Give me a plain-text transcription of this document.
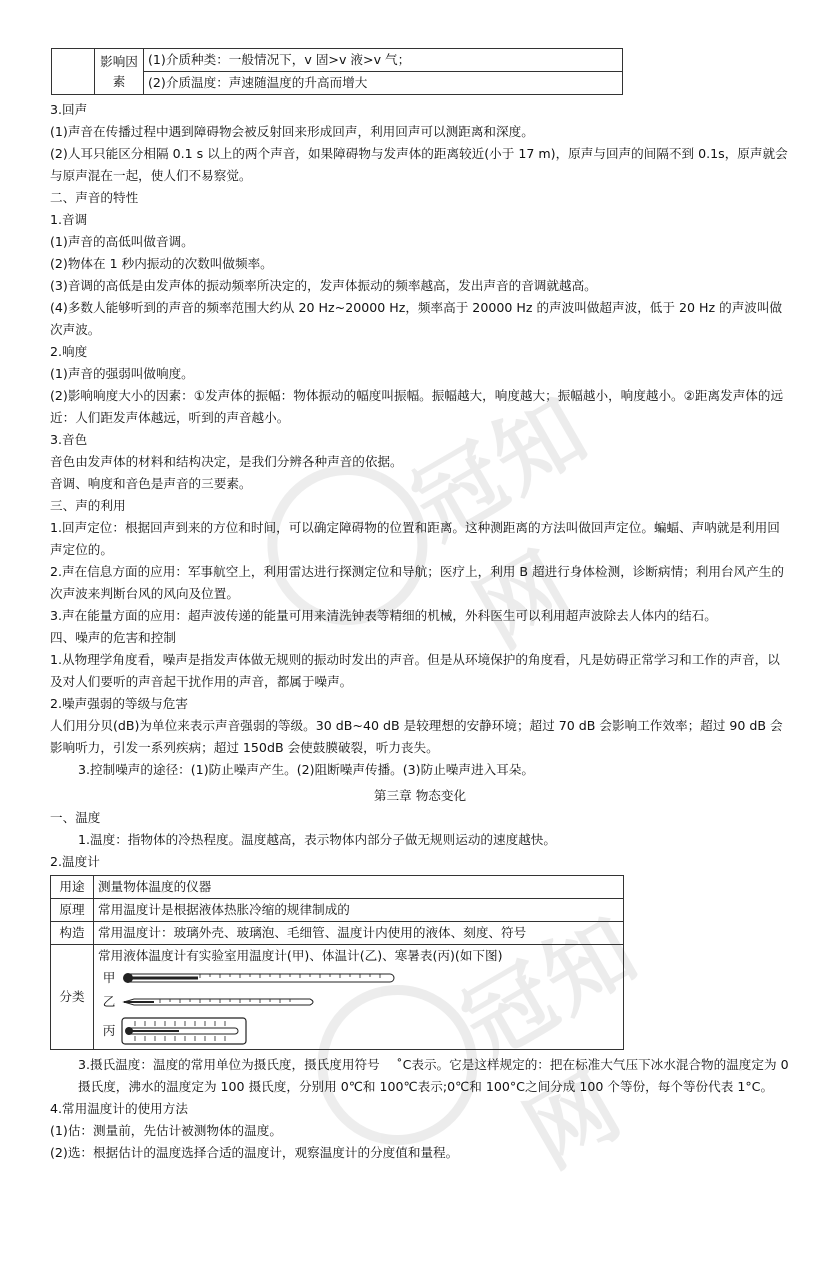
冠知网
冠知网
	影响因素	(1)介质种类：一般情况下，v 固>v 液>v 气；
(2)介质温度：声速随温度的升高而增大

3.回声

(1)声音在传播过程中遇到障碍物会被反射回来形成回声，利用回声可以测距离和深度。

(2)人耳只能区分相隔 0.1 s 以上的两个声音，如果障碍物与发声体的距离较近(小于 17 m)，原声与回声的间隔不到 0.1s，原声就会与原声混在一起，使人们不易察觉。

二、声音的特性

1.音调

(1)声音的高低叫做音调。

(2)物体在 1 秒内振动的次数叫做频率。

(3)音调的高低是由发声体的振动频率所决定的，发声体振动的频率越高，发出声音的音调就越高。

(4)多数人能够听到的声音的频率范围大约从 20 Hz~20000 Hz，频率高于 20000 Hz 的声波叫做超声波，低于 20 Hz 的声波叫做次声波。

2.响度

(1)声音的强弱叫做响度。

(2)影响响度大小的因素：①发声体的振幅：物体振动的幅度叫振幅。振幅越大，响度越大；振幅越小，响度越小。②距离发声体的远近：人们距发声体越远，听到的声音越小。

3.音色

音色由发声体的材料和结构决定，是我们分辨各种声音的依据。

音调、响度和音色是声音的三要素。

三、声的利用

1.回声定位：根据回声到来的方位和时间，可以确定障碍物的位置和距离。这种测距离的方法叫做回声定位。蝙蝠、声呐就是利用回声定位的。

2.声在信息方面的应用：军事航空上，利用雷达进行探测定位和导航；医疗上，利用 B 超进行身体检测，诊断病情；利用台风产生的次声波来判断台风的风向及位置。

3.声在能量方面的应用：超声波传递的能量可用来清洗钟表等精细的机械，外科医生可以利用超声波除去人体内的结石。

四、噪声的危害和控制

1.从物理学角度看，噪声是指发声体做无规则的振动时发出的声音。但是从环境保护的角度看，凡是妨碍正常学习和工作的声音，以及对人们要听的声音起干扰作用的声音，都属于噪声。

2.噪声强弱的等级与危害

人们用分贝(dB)为单位来表示声音强弱的等级。30 dB~40 dB 是较理想的安静环境；超过 70 dB 会影响工作效率；超过 90 dB 会影响听力，引发一系列疾病；超过 150dB 会使鼓膜破裂，听力丧失。

3.控制噪声的途径：(1)防止噪声产生。(2)阻断噪声传播。(3)防止噪声进入耳朵。

第三章 物态变化

一、温度

1.温度：指物体的冷热程度。温度越高，表示物体内部分子做无规则运动的速度越快。

2.温度计

用途	测量物体温度的仪器
原理	常用温度计是根据液体热胀冷缩的规律制成的
构造	常用温度计：玻璃外壳、玻璃泡、毛细管、温度计内使用的液体、刻度、符号
分类	常用液体温度计有实验室用温度计(甲)、体温计(乙)、寒暑表(丙)(如下图)

甲
乙
丙

3.摄氏温度：温度的常用单位为摄氏度，摄氏度用符号　 ˚C表示。它是这样规定的：把在标准大气压下冰水混合物的温度定为 0 摄氏度，沸水的温度定为 100 摄氏度，分别用 0℃和 100℃表示;0℃和 100°C之间分成 100 个等份，每个等份代表 1°C。

4.常用温度计的使用方法

(1)估：测量前，先估计被测物体的温度。

(2)选：根据估计的温度选择合适的温度计，观察温度计的分度值和量程。
